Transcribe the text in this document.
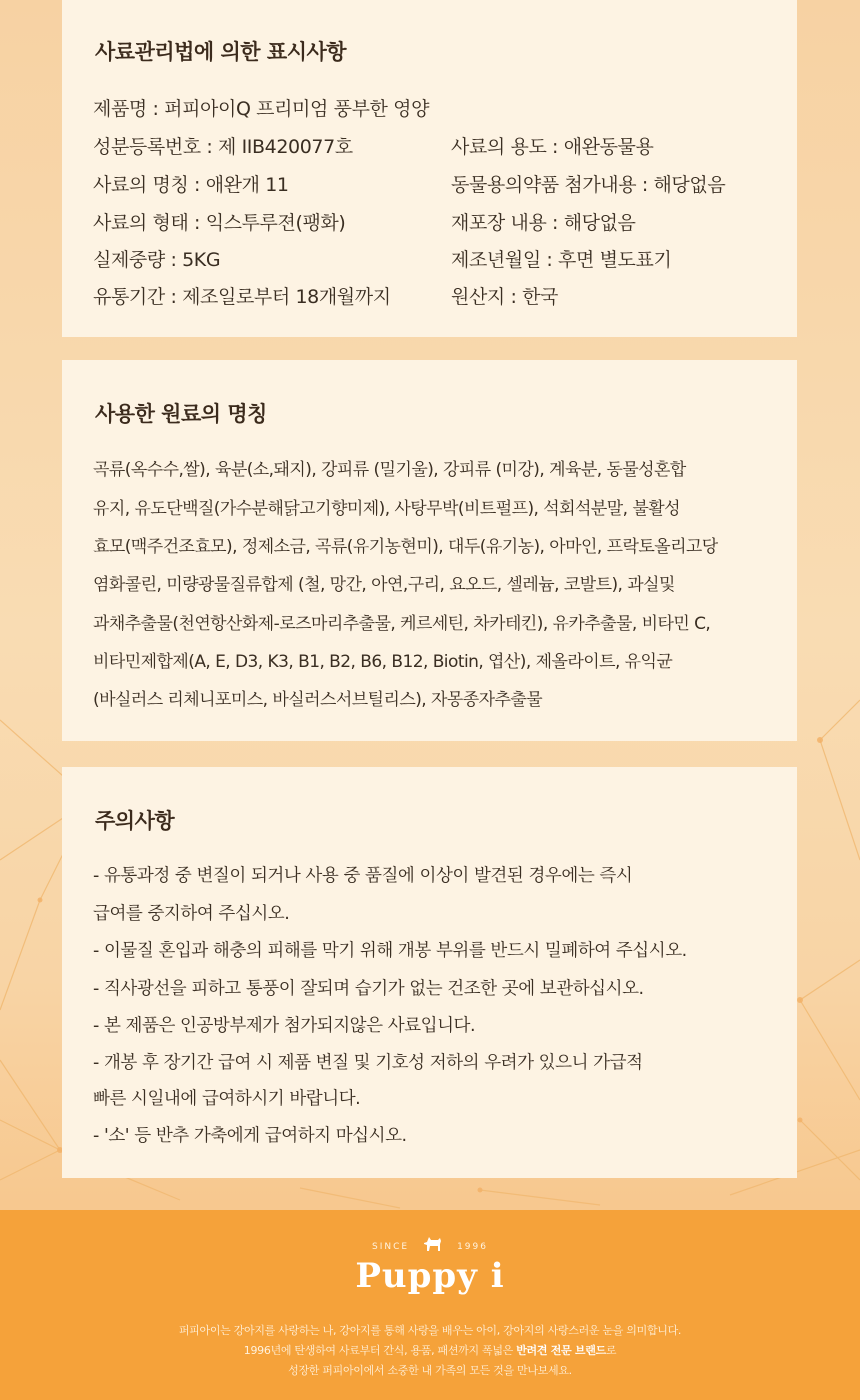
사료관리법에 의한 표시사항
제품명 : 퍼피아이Q 프리미엄 풍부한 영양
성분등록번호 : 제 IIB420077호	사료의 용도 : 애완동물용
사료의 명칭 : 애완개 11	동물용의약품 첨가내용 : 해당없음
사료의 형태 : 익스투루젼(팽화)	재포장 내용 : 해당없음
실제중량 : 5KG	제조년월일 : 후면 별도표기
유통기간 : 제조일로부터 18개월까지	원산지 : 한국
사용한 원료의 명칭
곡류(옥수수,쌀), 육분(소,돼지), 강피류 (밀기울), 강피류 (미강), 계육분, 동물성혼합
유지, 유도단백질(가수분해닭고기향미제), 사탕무박(비트펄프), 석회석분말, 불활성
효모(맥주건조효모), 정제소금, 곡류(유기농현미), 대두(유기농), 아마인, 프락토올리고당
염화콜린, 미량광물질류합제 (철, 망간, 아연,구리, 요오드, 셀레늄, 코발트), 과실및
과채추출물(천연항산화제-로즈마리추출물, 케르세틴, 차카테킨), 유카추출물, 비타민 C,
비타민제합제(A, E, D3, K3, B1, B2, B6, B12, Biotin, 엽산), 제올라이트, 유익균
(바실러스 리체니포미스, 바실러스서브틸리스), 자몽종자추출물
주의사항
- 유통과정 중 변질이 되거나 사용 중 품질에 이상이 발견된 경우에는 즉시
급여를 중지하여 주십시오.
- 이물질 혼입과 해충의 피해를 막기 위해 개봉 부위를 반드시 밀폐하여 주십시오.
- 직사광선을 피하고 통풍이 잘되며 습기가 없는 건조한 곳에 보관하십시오.
- 본 제품은 인공방부제가 첨가되지않은 사료입니다.
- 개봉 후 장기간 급여 시 제품 변질 및 기호성 저하의 우려가 있으니 가급적
빠른 시일내에 급여하시기 바랍니다.
- '소' 등 반추 가축에게 급여하지 마십시오.
SINCE	1996
Puppy i
퍼피아이는 강아지를 사랑하는 나, 강아지를 통해 사랑을 배우는 아이, 강아지의 사랑스러운 눈을 의미합니다.
1996년에 탄생하여 사료부터 간식, 용품, 패션까지 폭넓은 반려견 전문 브랜드로
성장한 퍼피아이에서 소중한 내 가족의 모든 것을 만나보세요.
